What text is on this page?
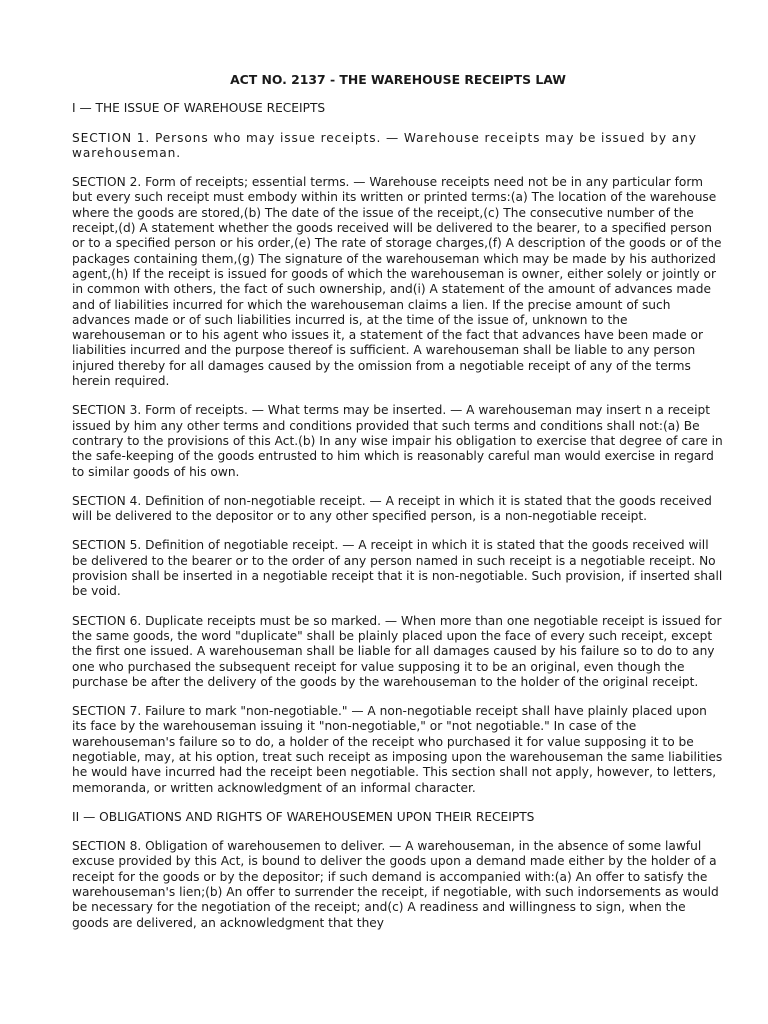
ACT NO. 2137 - THE WAREHOUSE RECEIPTS LAW
I — THE ISSUE OF WAREHOUSE RECEIPTS
SECTION 1. Persons who may issue receipts. — Warehouse receipts may be issued by any warehouseman.
SECTION 2. Form of receipts; essential terms. — Warehouse receipts need not be in any particular form but every such receipt must embody within its written or printed terms:(a) The location of the warehouse where the goods are stored,(b) The date of the issue of the receipt,(c) The consecutive number of the receipt,(d) A statement whether the goods received will be delivered to the bearer, to a specified person or to a specified person or his order,(e) The rate of storage charges,(f) A description of the goods or of the packages containing them,(g) The signature of the warehouseman which may be made by his authorized agent,(h) If the receipt is issued for goods of which the warehouseman is owner, either solely or jointly or in common with others, the fact of such ownership, and(i) A statement of the amount of advances made and of liabilities incurred for which the warehouseman claims a lien. If the precise amount of such advances made or of such liabilities incurred is, at the time of the issue of, unknown to the warehouseman or to his agent who issues it, a statement of the fact that advances have been made or liabilities incurred and the purpose thereof is sufficient. A warehouseman shall be liable to any person injured thereby for all damages caused by the omission from a negotiable receipt of any of the terms herein required.
SECTION 3. Form of receipts. — What terms may be inserted. — A warehouseman may insert n a receipt issued by him any other terms and conditions provided that such terms and conditions shall not:(a) Be contrary to the provisions of this Act.(b) In any wise impair his obligation to exercise that degree of care in the safe-keeping of the goods entrusted to him which is reasonably careful man would exercise in regard to similar goods of his own.
SECTION 4. Definition of non-negotiable receipt. — A receipt in which it is stated that the goods received will be delivered to the depositor or to any other specified person, is a non-negotiable receipt.
SECTION 5. Definition of negotiable receipt. — A receipt in which it is stated that the goods received will be delivered to the bearer or to the order of any person named in such receipt is a negotiable receipt. No provision shall be inserted in a negotiable receipt that it is non-negotiable. Such provision, if inserted shall be void.
SECTION 6. Duplicate receipts must be so marked. — When more than one negotiable receipt is issued for the same goods, the word "duplicate" shall be plainly placed upon the face of every such receipt, except the first one issued. A warehouseman shall be liable for all damages caused by his failure so to do to any one who purchased the subsequent receipt for value supposing it to be an original, even though the purchase be after the delivery of the goods by the warehouseman to the holder of the original receipt.
SECTION 7. Failure to mark "non-negotiable." — A non-negotiable receipt shall have plainly placed upon its face by the warehouseman issuing it "non-negotiable," or "not negotiable." In case of the warehouseman's failure so to do, a holder of the receipt who purchased it for value supposing it to be negotiable, may, at his option, treat such receipt as imposing upon the warehouseman the same liabilities he would have incurred had the receipt been negotiable. This section shall not apply, however, to letters, memoranda, or written acknowledgment of an informal character.
II — OBLIGATIONS AND RIGHTS OF WAREHOUSEMEN UPON THEIR RECEIPTS
SECTION 8. Obligation of warehousemen to deliver. — A warehouseman, in the absence of some lawful excuse provided by this Act, is bound to deliver the goods upon a demand made either by the holder of a receipt for the goods or by the depositor; if such demand is accompanied with:(a) An offer to satisfy the warehouseman's lien;(b) An offer to surrender the receipt, if negotiable, with such indorsements as would be necessary for the negotiation of the receipt; and(c) A readiness and willingness to sign, when the goods are delivered, an acknowledgment that they
